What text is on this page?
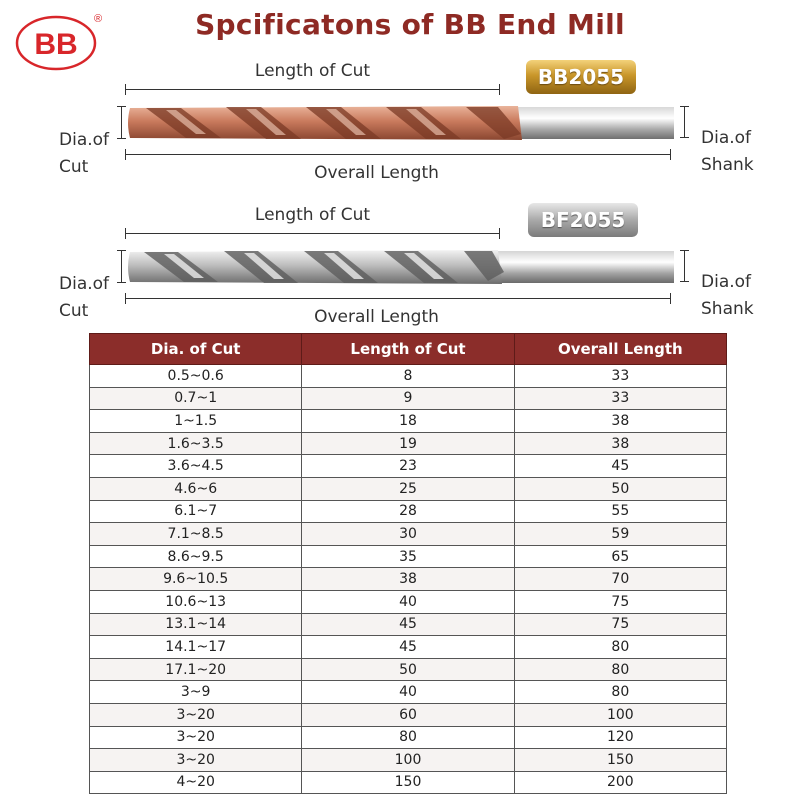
BB
®	Spcificatons of BB End Mill
Length of Cut	BB2055
Dia.of
Cut
Dia.of
Shank
Overall Length
Length of Cut	BF2055
Dia.of
Cut
Dia.of
Shank
Overall Length
Dia. of Cut	Length of Cut	Overall Length
0.5~0.6	8	33
0.7~1	9	33
1~1.5	18	38
1.6~3.5	19	38
3.6~4.5	23	45
4.6~6	25	50
6.1~7	28	55
7.1~8.5	30	59
8.6~9.5	35	65
9.6~10.5	38	70
10.6~13	40	75
13.1~14	45	75
14.1~17	45	80
17.1~20	50	80
3~9	40	80
3~20	60	100
3~20	80	120
3~20	100	150
4~20	150	200
